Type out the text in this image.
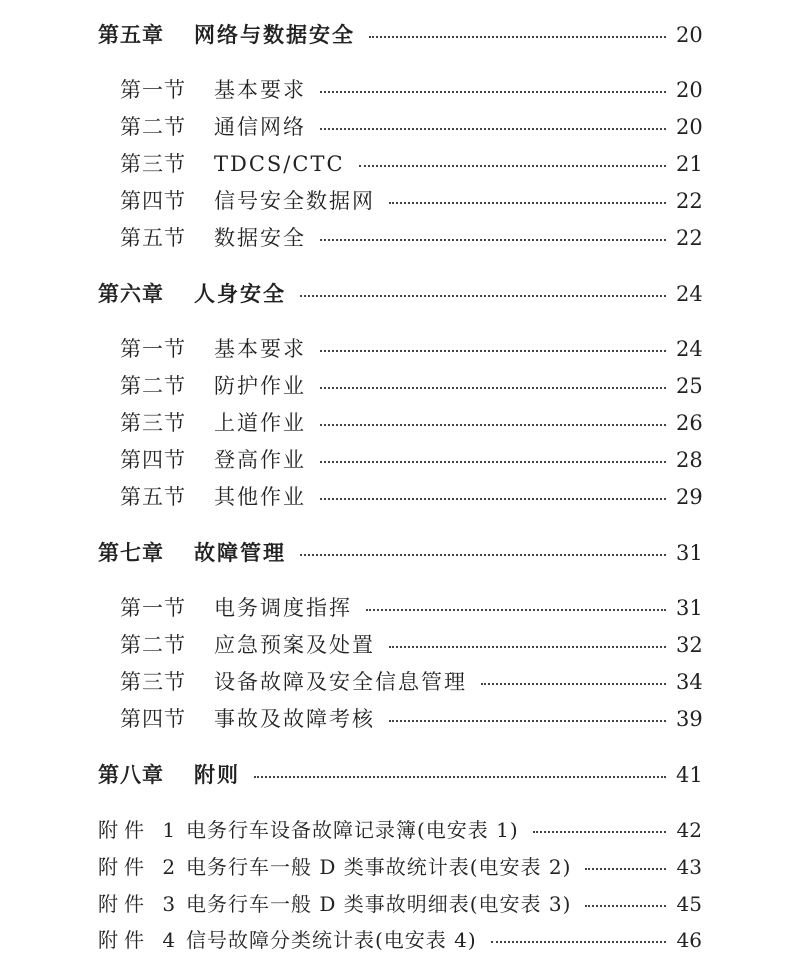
第五章	网络与数据安全	20
第一节	基本要求	20
第二节	通信网络	20
第三节	TDCS/CTC	21
第四节	信号安全数据网	22
第五节	数据安全	22
第六章	人身安全	24
第一节	基本要求	24
第二节	防护作业	25
第三节	上道作业	26
第四节	登高作业	28
第五节	其他作业	29
第七章	故障管理	31
第一节	电务调度指挥	31
第二节	应急预案及处置	32
第三节	设备故障及安全信息管理	34
第四节	事故及故障考核	39
第八章	附则	41
附件 1 电务行车设备故障记录簿(电安表 1)	42
附件 2 电务行车一般 D 类事故统计表(电安表 2)	43
附件 3 电务行车一般 D 类事故明细表(电安表 3)	45
附件 4 信号故障分类统计表(电安表 4)	46
